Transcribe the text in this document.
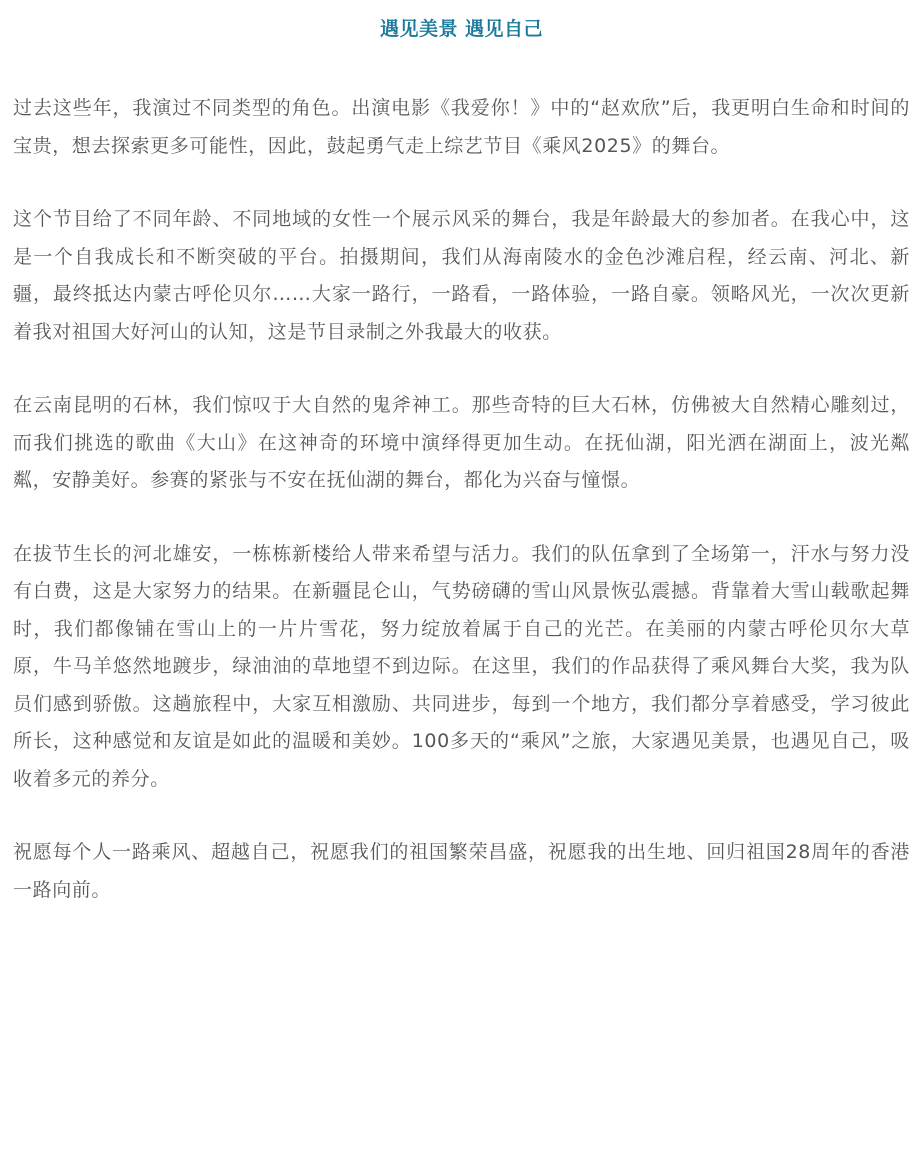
遇见美景 遇见自己

过去这些年，我演过不同类型的角色。出演电影《我爱你！》中的“赵欢欣”后，我更明白生命和时间的宝贵，想去探索更多可能性，因此，鼓起勇气走上综艺节目《乘风2025》的舞台。

这个节目给了不同年龄、不同地域的女性一个展示风采的舞台，我是年龄最大的参加者。在我心中，这是一个自我成长和不断突破的平台。拍摄期间，我们从海南陵水的金色沙滩启程，经云南、河北、新疆，最终抵达内蒙古呼伦贝尔……大家一路行，一路看，一路体验，一路自豪。领略风光，一次次更新着我对祖国大好河山的认知，这是节目录制之外我最大的收获。

在云南昆明的石林，我们惊叹于大自然的鬼斧神工。那些奇特的巨大石林，仿佛被大自然精心雕刻过，而我们挑选的歌曲《大山》在这神奇的环境中演绎得更加生动。在抚仙湖，阳光洒在湖面上，波光粼粼，安静美好。参赛的紧张与不安在抚仙湖的舞台，都化为兴奋与憧憬。

在拔节生长的河北雄安，一栋栋新楼给人带来希望与活力。我们的队伍拿到了全场第一，汗水与努力没有白费，这是大家努力的结果。在新疆昆仑山，气势磅礴的雪山风景恢弘震撼。背靠着大雪山载歌起舞时，我们都像铺在雪山上的一片片雪花，努力绽放着属于自己的光芒。在美丽的内蒙古呼伦贝尔大草原，牛马羊悠然地踱步，绿油油的草地望不到边际。在这里，我们的作品获得了乘风舞台大奖，我为队员们感到骄傲。这趟旅程中，大家互相激励、共同进步，每到一个地方，我们都分享着感受，学习彼此所长，这种感觉和友谊是如此的温暖和美妙。100多天的“乘风”之旅，大家遇见美景，也遇见自己，吸收着多元的养分。

祝愿每个人一路乘风、超越自己，祝愿我们的祖国繁荣昌盛，祝愿我的出生地、回归祖国28周年的香港一路向前。
